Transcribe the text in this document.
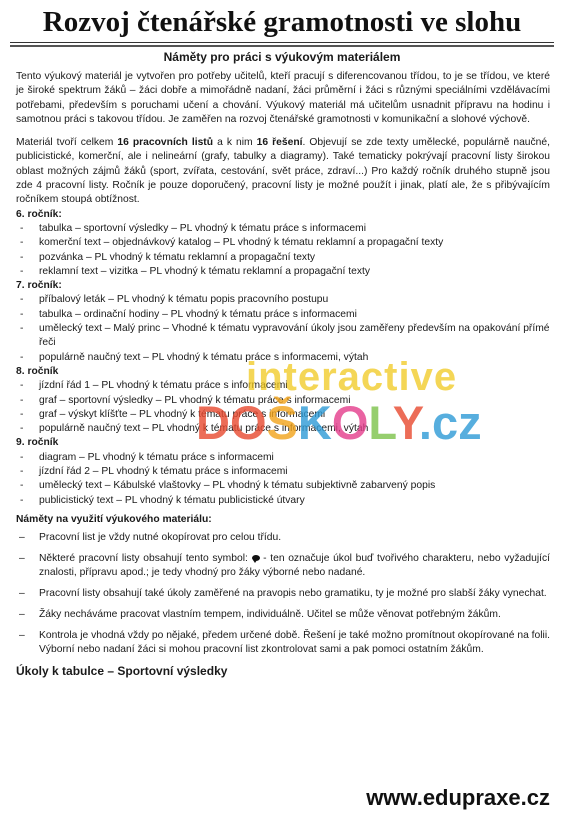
Rozvoj čtenářské gramotnosti ve slohu
Náměty pro práci s výukovým materiálem

Tento výukový materiál je vytvořen pro potřeby učitelů, kteří pracují s diferencovanou třídou, to je se třídou, ve které je široké spektrum žáků – žáci dobře a mimořádně nadaní, žáci průměrní i žáci s různými speciálními vzdělávacími potřebami, především s poruchami učení a chování. Výukový materiál má učitelům usnadnit přípravu na hodinu i samotnou práci s takovou třídou. Je zaměřen na rozvoj čtenářské gramotnosti v komunikační a slohové výchově.

Materiál tvoří celkem 16 pracovních listů a k nim 16 řešení. Objevují se zde texty umělecké, populárně naučné, publicistické, komerční, ale i nelineární (grafy, tabulky a diagramy). Také tematicky pokrývají pracovní listy širokou oblast možných zájmů žáků (sport, zvířata, cestování, svět práce, zdraví...) Pro každý ročník druhého stupně jsou zde 4 pracovní listy. Ročník je pouze doporučený, pracovní listy je možné použít i jinak, platí ale, že s přibývajícím ročníkem stoupá obtížnost.

6. ročník:
- tabulka – sportovní výsledky – PL vhodný k tématu práce s informacemi
- komerční text – objednávkový katalog – PL vhodný k tématu reklamní a propagační texty
- pozvánka – PL vhodný k tématu reklamní a propagační texty
- reklamní text – vizitka – PL vhodný k tématu reklamní a propagační texty
7. ročník:
- příbalový leták – PL vhodný k tématu popis pracovního postupu
- tabulka – ordinační hodiny – PL vhodný k tématu práce s informacemi
- umělecký text – Malý princ – Vhodné k tématu vypravování úkoly jsou zaměřeny především na opakování přímé řeči
- populárně naučný text – PL vhodný k tématu práce s informacemi, výtah
8. ročník
- jízdní řád 1 – PL vhodný k tématu práce s informacemi
- graf – sportovní výsledky – PL vhodný k tématu práce s informacemi
- graf – výskyt klíšťte – PL vhodný k tématu práce s informacemi
- populárně naučný text – PL vhodný k tématu práce s informacemi, výtah
9. ročník
- diagram – PL vhodný k tématu práce s informacemi
- jízdní řád 2 – PL vhodný k tématu práce s informacemi
- umělecký text – Kábulské vlaštovky – PL vhodný k tématu subjektivně zabarvený popis
- publicistický text – PL vhodný k tématu publicistické útvary
Náměty na využití výukového materiálu:
– Pracovní list je vždy nutné okopírovat pro celou třídu.
– Některé pracovní listy obsahují tento symbol:  - ten označuje úkol buď tvořivého charakteru, nebo vyžadující znalosti, přípravu apod.; je tedy vhodný pro žáky výborné nebo nadané.
– Pracovní listy obsahují také úkoly zaměřené na pravopis nebo gramatiku, ty je možné pro slabší žáky vynechat.
– Žáky necháváme pracovat vlastním tempem, individuálně. Učitel se může věnovat potřebným žákům.
– Kontrola je vhodná vždy po nějaké, předem určené době. Řešení je také možno promítnout okopírované na folii. Výborní nebo nadaní žáci si mohou pracovní list zkontrolovat sami a pak pomoci ostatním žákům.
Úkoly k tabulce – Sportovní výsledky
interactive
DOŠKOLY.cz
www.edupraxe.cz
